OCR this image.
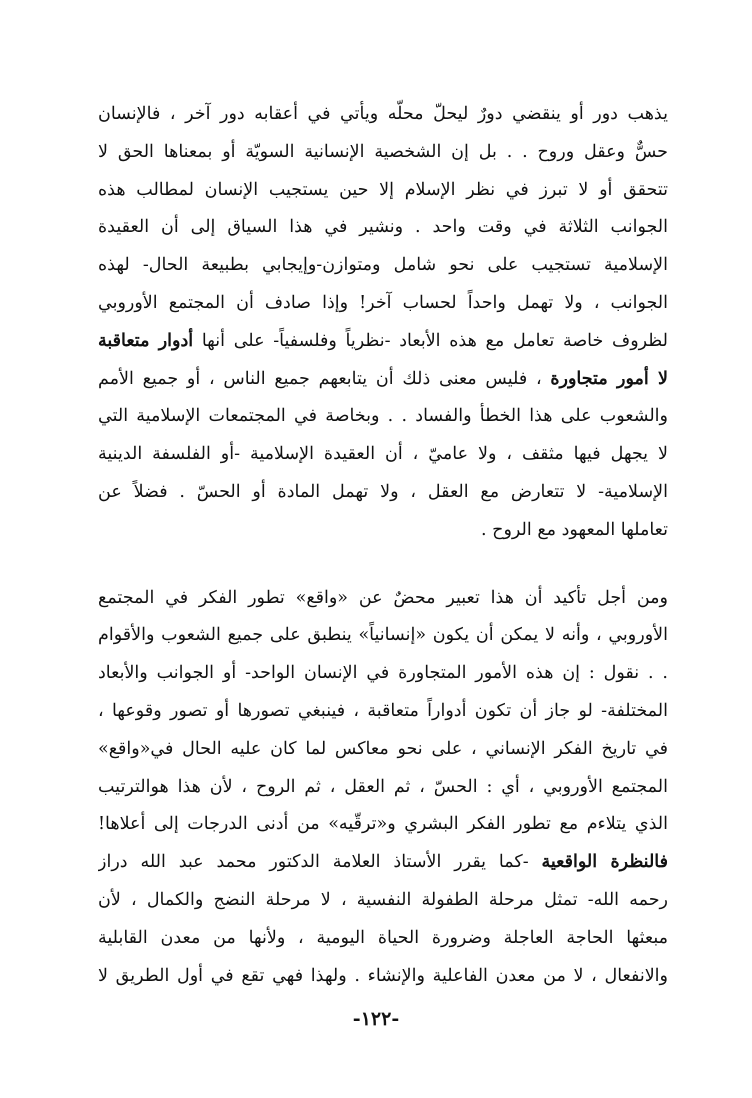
يذهب دور أو ينقضي دورٌ ليحلّ محلّه ويأتي في أعقابه دور آخر ، فالإنسان
حسٌّ وعقل وروح . . بل إن الشخصية الإنسانية السويّة أو بمعناها الحق لا
تتحقق أو لا تبرز في نظر الإسلام إلا حين يستجيب الإنسان لمطالب هذه
الجوانب الثلاثة في وقت واحد . ونشير في هذا السياق إلى أن العقيدة
الإسلامية تستجيب على نحو شامل ومتوازن-وإيجابي بطبيعة الحال- لهذه
الجوانب ، ولا تهمل واحداً لحساب آخر! وإذا صادف أن المجتمع الأوروبي
لظروف خاصة تعامل مع هذه الأبعاد -نظرياً وفلسفياً- على أنها أدوار متعاقبة
لا أمور متجاورة ، فليس معنى ذلك أن يتابعهم جميع الناس ، أو جميع الأمم
والشعوب على هذا الخطأ والفساد . . وبخاصة في المجتمعات الإسلامية التي
لا يجهل فيها مثقف ، ولا عاميّ ، أن العقيدة الإسلامية -أو الفلسفة الدينية
الإسلامية- لا تتعارض مع العقل ، ولا تهمل المادة أو الحسّ . فضلاً عن
تعاملها المعهود مع الروح .
ومن أجل تأكيد أن هذا تعبير محضٌ عن «واقع» تطور الفكر في المجتمع
الأوروبي ، وأنه لا يمكن أن يكون «إنسانياً» ينطبق على جميع الشعوب والأقوام
. . نقول : إن هذه الأمور المتجاورة في الإنسان الواحد- أو الجوانب والأبعاد
المختلفة- لو جاز أن تكون أدواراً متعاقبة ، فينبغي تصورها أو تصور وقوعها ،
في تاريخ الفكر الإنساني ، على نحو معاكس لما كان عليه الحال في«واقع»
المجتمع الأوروبي ، أي : الحسّ ، ثم العقل ، ثم الروح ، لأن هذا هوالترتيب
الذي يتلاءم مع تطور الفكر البشري و«ترقّيه» من أدنى الدرجات إلى أعلاها!
فالنظرة الواقعية -كما يقرر الأستاذ العلامة الدكتور محمد عبد الله دراز
رحمه الله- تمثل مرحلة الطفولة النفسية ، لا مرحلة النضج والكمال ، لأن
مبعثها الحاجة العاجلة وضرورة الحياة اليومية ، ولأنها من معدن القابلية
والانفعال ، لا من معدن الفاعلية والإنشاء . ولهذا فهي تقع في أول الطريق لا
-١٢٢-
